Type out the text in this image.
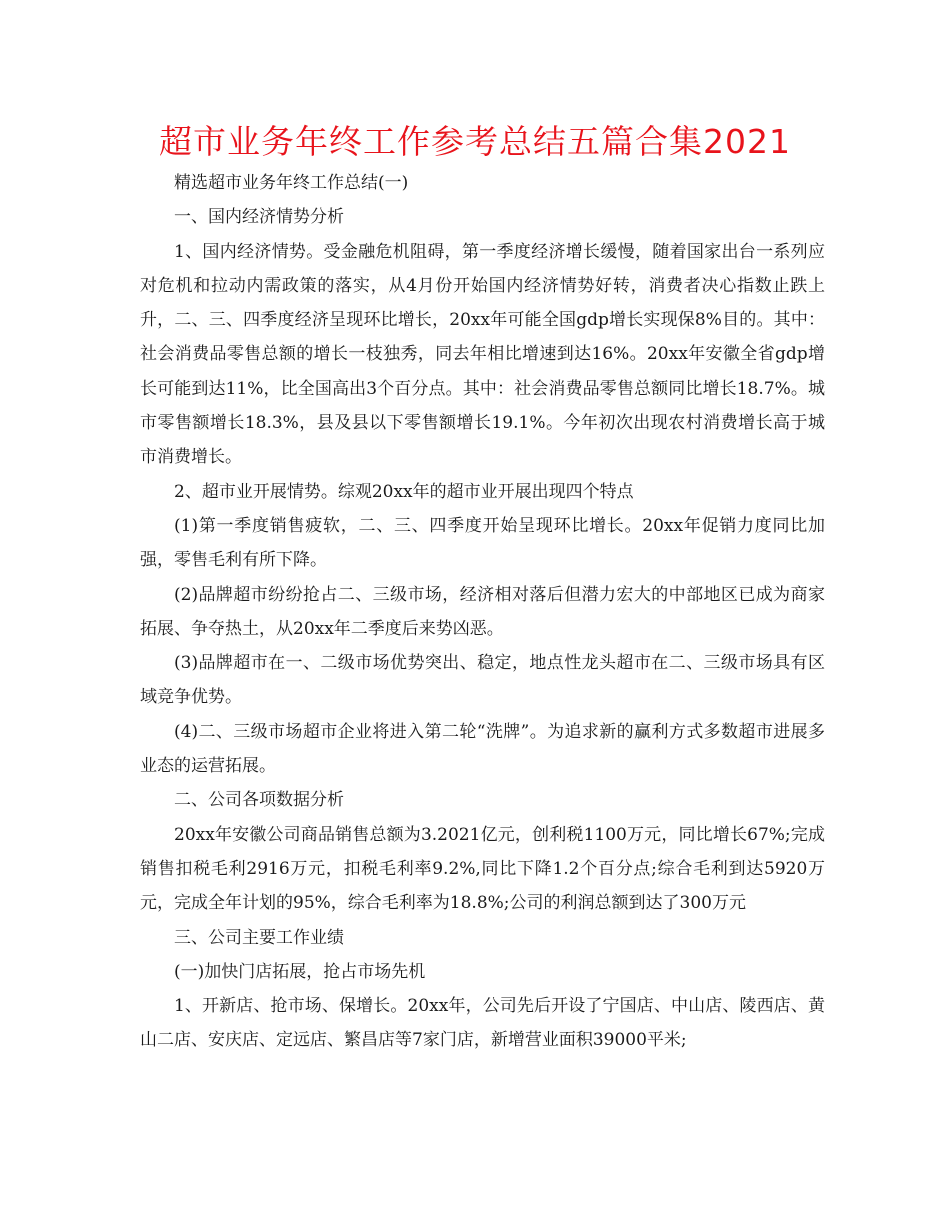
超市业务年终工作参考总结五篇合集2021

精选超市业务年终工作总结(一)

一、国内经济情势分析

1、国内经济情势。受金融危机阻碍，第一季度经济增长缓慢，随着国家出台一系列应对危机和拉动内需政策的落实，从4月份开始国内经济情势好转，消费者决心指数止跌上升，二、三、四季度经济呈现环比增长，20xx年可能全国gdp增长实现保8%目的。其中：社会消费品零售总额的增长一枝独秀，同去年相比增速到达16%。20xx年安徽全省gdp增长可能到达11%，比全国高出3个百分点。其中：社会消费品零售总额同比增长18.7%。城市零售额增长18.3%，县及县以下零售额增长19.1%。今年初次出现农村消费增长高于城市消费增长。

2、超市业开展情势。综观20xx年的超市业开展出现四个特点

(1)第一季度销售疲软，二、三、四季度开始呈现环比增长。20xx年促销力度同比加强，零售毛利有所下降。

(2)品牌超市纷纷抢占二、三级市场，经济相对落后但潜力宏大的中部地区已成为商家拓展、争夺热土，从20xx年二季度后来势凶恶。

(3)品牌超市在一、二级市场优势突出、稳定，地点性龙头超市在二、三级市场具有区域竞争优势。

(4)二、三级市场超市企业将进入第二轮“洗牌”。为追求新的赢利方式多数超市进展多业态的运营拓展。

二、公司各项数据分析

20xx年安徽公司商品销售总额为3.2021亿元，创利税1100万元，同比增长67%;完成销售扣税毛利2916万元，扣税毛利率9.2%,同比下降1.2个百分点;综合毛利到达5920万元，完成全年计划的95%，综合毛利率为18.8%;公司的利润总额到达了300万元

三、公司主要工作业绩

(一)加快门店拓展，抢占市场先机

1、开新店、抢市场、保增长。20xx年，公司先后开设了宁国店、中山店、陵西店、黄山二店、安庆店、定远店、繁昌店等7家门店，新增营业面积39000平米;
